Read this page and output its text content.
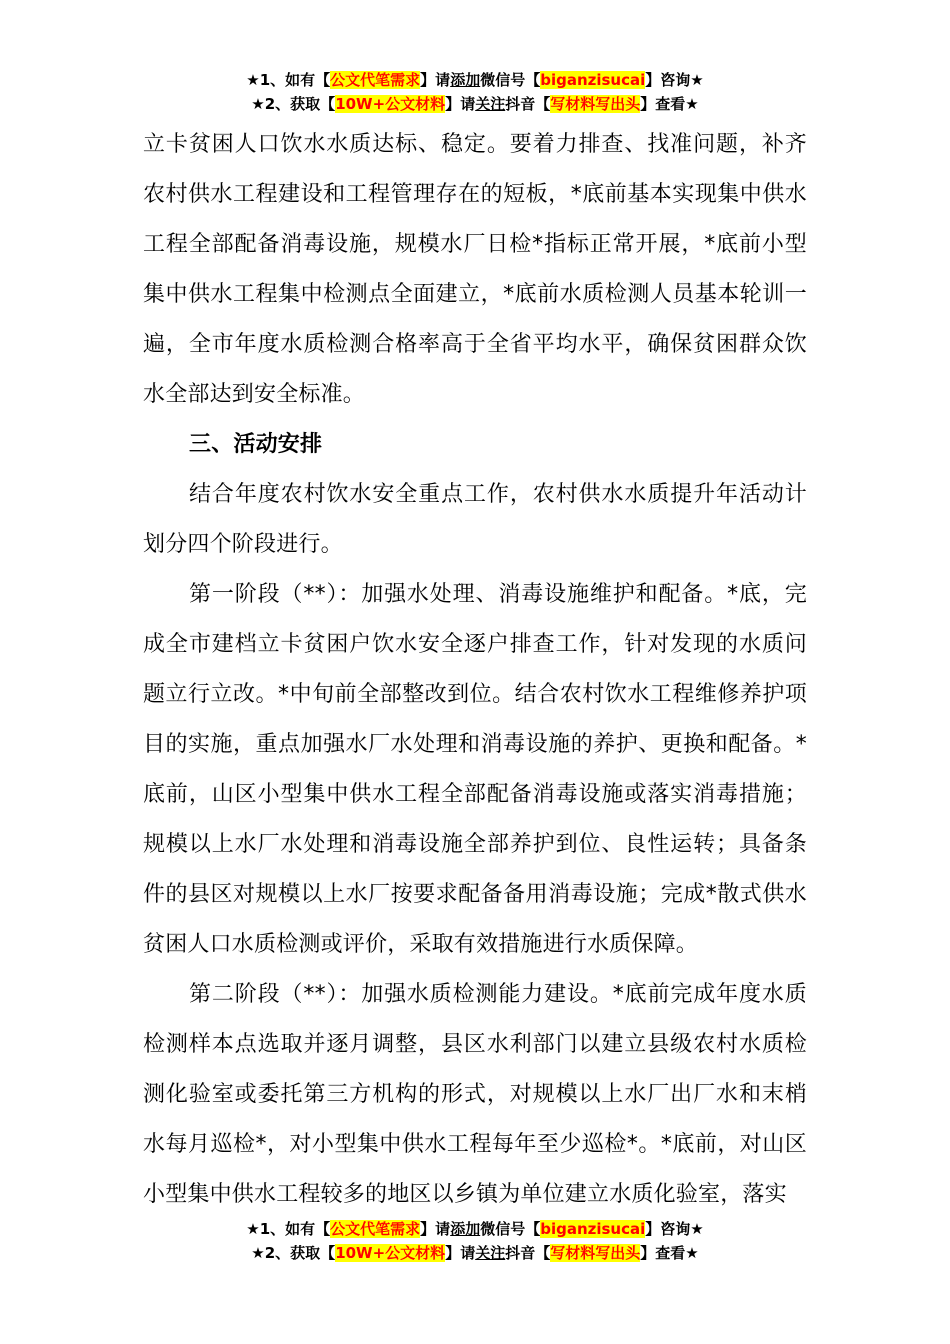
★1、如有【公文代笔需求】请添加微信号【biganzisucai】咨询★
★2、获取【10W+公文材料】请关注抖音【写材料写出头】查看★

立卡贫困人口饮水水质达标、稳定。要着力排查、找准问题，补齐农村供水工程建设和工程管理存在的短板，*底前基本实现集中供水工程全部配备消毒设施，规模水厂日检*指标正常开展，*底前小型集中供水工程集中检测点全面建立，*底前水质检测人员基本轮训一遍，全市年度水质检测合格率高于全省平均水平，确保贫困群众饮水全部达到安全标准。

三、活动安排

结合年度农村饮水安全重点工作，农村供水水质提升年活动计划分四个阶段进行。

第一阶段（**）：加强水处理、消毒设施维护和配备。*底，完成全市建档立卡贫困户饮水安全逐户排查工作，针对发现的水质问题立行立改。*中旬前全部整改到位。结合农村饮水工程维修养护项目的实施，重点加强水厂水处理和消毒设施的养护、更换和配备。*底前，山区小型集中供水工程全部配备消毒设施或落实消毒措施；规模以上水厂水处理和消毒设施全部养护到位、良性运转；具备条件的县区对规模以上水厂按要求配备备用消毒设施；完成*散式供水贫困人口水质检测或评价，采取有效措施进行水质保障。

第二阶段（**）：加强水质检测能力建设。*底前完成年度水质检测样本点选取并逐月调整，县区水利部门以建立县级农村水质检测化验室或委托第三方机构的形式，对规模以上水厂出厂水和末梢水每月巡检*，对小型集中供水工程每年至少巡检*。*底前，对山区小型集中供水工程较多的地区以乡镇为单位建立水质化验室，落实

★1、如有【公文代笔需求】请添加微信号【biganzisucai】咨询★
★2、获取【10W+公文材料】请关注抖音【写材料写出头】查看★
